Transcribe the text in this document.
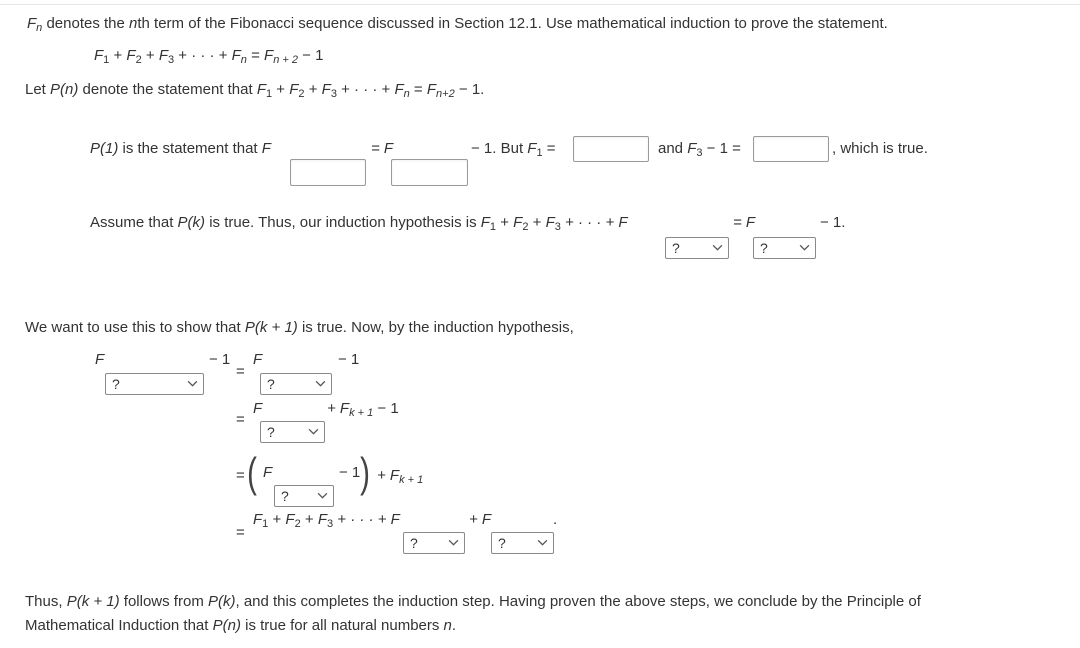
$F_n$ denotes the nth term of the Fibonacci sequence discussed in Section 12.1. Use mathematical induction to prove the statement.
$F_1 + F_2 + F_3$ + · · · + $F_n = F_{n + 2} - 1$
Let P(n) denote the statement that $F_1 + F_2 + F_3$ + · · · + $F_n = F_{n+2} - 1$.
P(1) is the statement that F	= F	− 1. But $F_1$ =	and $F_3 - 1$ =	, which is true.
Assume that P(k) is true. Thus, our induction hypothesis is $F_1 + F_2 + F_3$ + · · · + F
?
= F
?
− 1.
We want to use this to show that P(k + 1) is true. Now, by the induction hypothesis,
F
?
− 1
=
F
?
− 1
=
F
?
+ $F_{k + 1} - 1$
= ( F
?
− 1 ) + $F_{k + 1}$
=
$F_1 + F_2 + F_3$ + · · · + F
?
+ F
?
.
Thus, P(k + 1) follows from P(k), and this completes the induction step. Having proven the above steps, we conclude by the Principle of
Mathematical Induction that P(n) is true for all natural numbers n.
